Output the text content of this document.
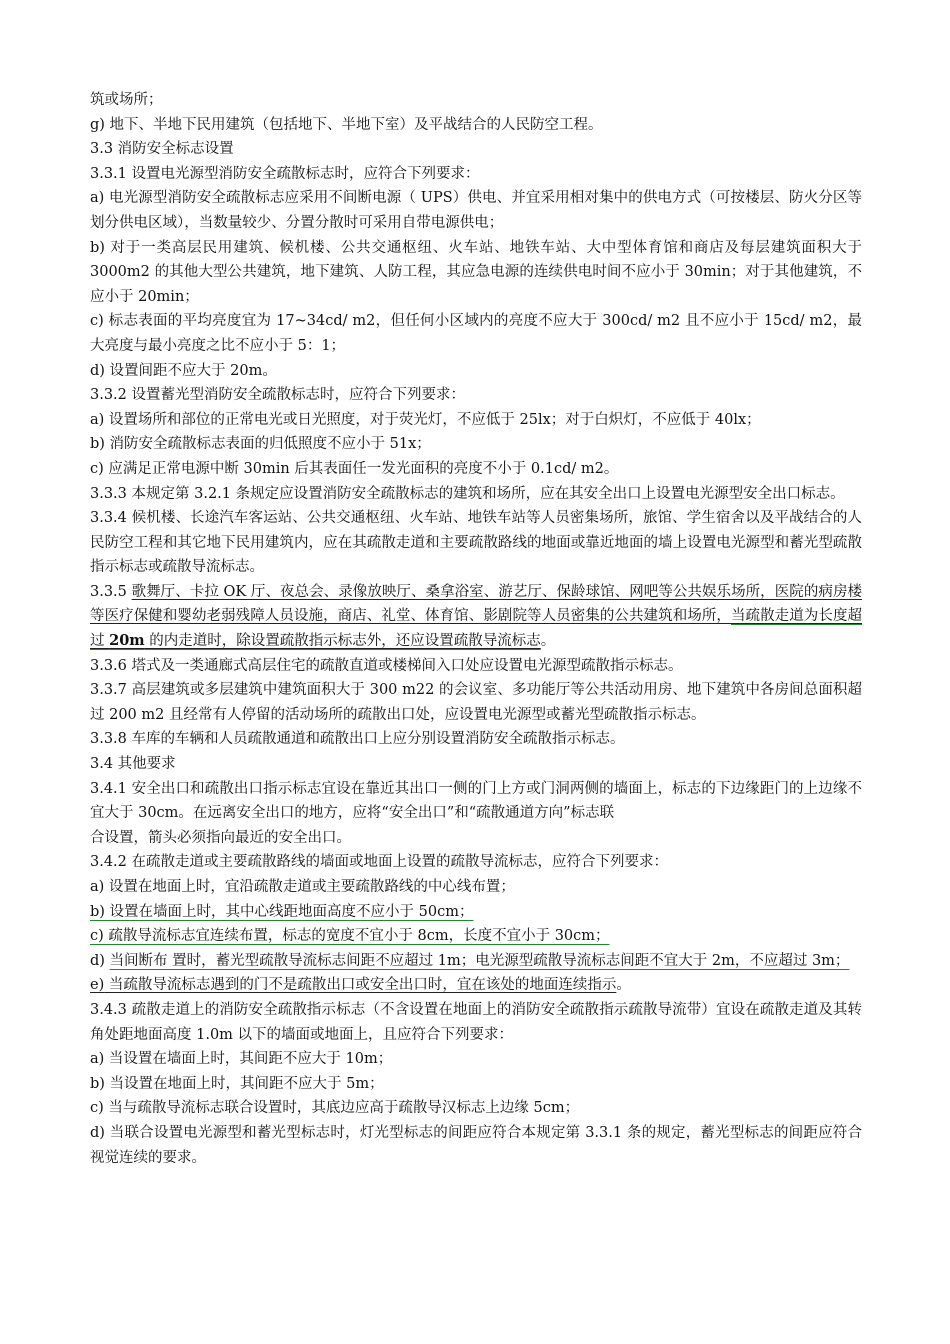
筑或场所；

g) 地下、半地下民用建筑（包括地下、半地下室）及平战结合的人民防空工程。

3.3 消防安全标志设置

3.3.1 设置电光源型消防安全疏散标志时，应符合下列要求：

a) 电光源型消防安全疏散标志应采用不间断电源（ UPS）供电、并宜采用相对集中的供电方式（可按楼层、防火分区等划分供电区域），当数量较少、分置分散时可采用自带电源供电；

b) 对于一类高层民用建筑、候机楼、公共交通枢纽、火车站、地铁车站、大中型体育馆和商店及每层建筑面积大于 3000m2 的其他大型公共建筑，地下建筑、人防工程，其应急电源的连续供电时间不应小于 30min；对于其他建筑，不应小于 20min；

c) 标志表面的平均亮度宜为 17~34cd/ m2，但任何小区域内的亮度不应大于 300cd/ m2 且不应小于 15cd/ m2，最大亮度与最小亮度之比不应小于 5：1；

d) 设置间距不应大于 20m。

3.3.2 设置蓄光型消防安全疏散标志时，应符合下列要求：

a) 设置场所和部位的正常电光或日光照度，对于荧光灯，不应低于 25lx；对于白炽灯，不应低于 40lx；

b) 消防安全疏散标志表面的归低照度不应小于 51x；

c) 应满足正常电源中断 30min 后其表面任一发光面积的亮度不小于 0.1cd/ m2。

3.3.3 本规定第 3.2.1 条规定应设置消防安全疏散标志的建筑和场所，应在其安全出口上设置电光源型安全出口标志。

3.3.4 候机楼、长途汽车客运站、公共交通枢纽、火车站、地铁车站等人员密集场所，旅馆、学生宿舍以及平战结合的人民防空工程和其它地下民用建筑内，应在其疏散走道和主要疏散路线的地面或靠近地面的墙上设置电光源型和蓄光型疏散指示标志或疏散导流标志。

3.3.5 歌舞厅、卡拉 OK 厅、夜总会、录像放映厅、桑拿浴室、游艺厅、保龄球馆、网吧等公共娱乐场所，医院的病房楼等医疗保健和婴幼老弱残障人员设施，商店、礼堂、体育馆、影剧院等人员密集的公共建筑和场所，当疏散走道为长度超过 20m 的内走道时，除设置疏散指示标志外，还应设置疏散导流标志。

3.3.6 塔式及一类通廊式高层住宅的疏散直道或楼梯间入口处应设置电光源型疏散指示标志。

3.3.7 高层建筑或多层建筑中建筑面积大于 300 m22 的会议室、多功能厅等公共活动用房、地下建筑中各房间总面积超过 200 m2 且经常有人停留的活动场所的疏散出口处，应设置电光源型或蓄光型疏散指示标志。

3.3.8 车库的车辆和人员疏散通道和疏散出口上应分别设置消防安全疏散指示标志。

3.4 其他要求

3.4.1 安全出口和疏散出口指示标志宜设在靠近其出口一侧的门上方或门洞两侧的墙面上，标志的下边缘距门的上边缘不宜大于 30cm。在远离安全出口的地方，应将“安全出口”和“疏散通道方向”标志联

合设置，箭头必须指向最近的安全出口。

3.4.2 在疏散走道或主要疏散路线的墙面或地面上设置的疏散导流标志，应符合下列要求：

a) 设置在地面上时，宜沿疏散走道或主要疏散路线的中心线布置；

b) 设置在墙面上时，其中心线距地面高度不应小于 50cm；

c) 疏散导流标志宜连续布置，标志的宽度不宜小于 8cm，长度不宜小于 30cm；

d) 当间断布 置时，蓄光型疏散导流标志间距不应超过 1m；电光源型疏散导流标志间距不宜大于 2m，不应超过 3m；

e) 当疏散导流标志遇到的门不是疏散出口或安全出口时，宜在该处的地面连续指示。

3.4.3 疏散走道上的消防安全疏散指示标志（不含设置在地面上的消防安全疏散指示疏散导流带）宜设在疏散走道及其转角处距地面高度 1.0m 以下的墙面或地面上，且应符合下列要求：

a) 当设置在墙面上时，其间距不应大于 10m；

b) 当设置在地面上时，其间距不应大于 5m；

c) 当与疏散导流标志联合设置时，其底边应高于疏散导汉标志上边缘 5cm；

d) 当联合设置电光源型和蓄光型标志时，灯光型标志的间距应符合本规定第 3.3.1 条的规定，蓄光型标志的间距应符合视觉连续的要求。
